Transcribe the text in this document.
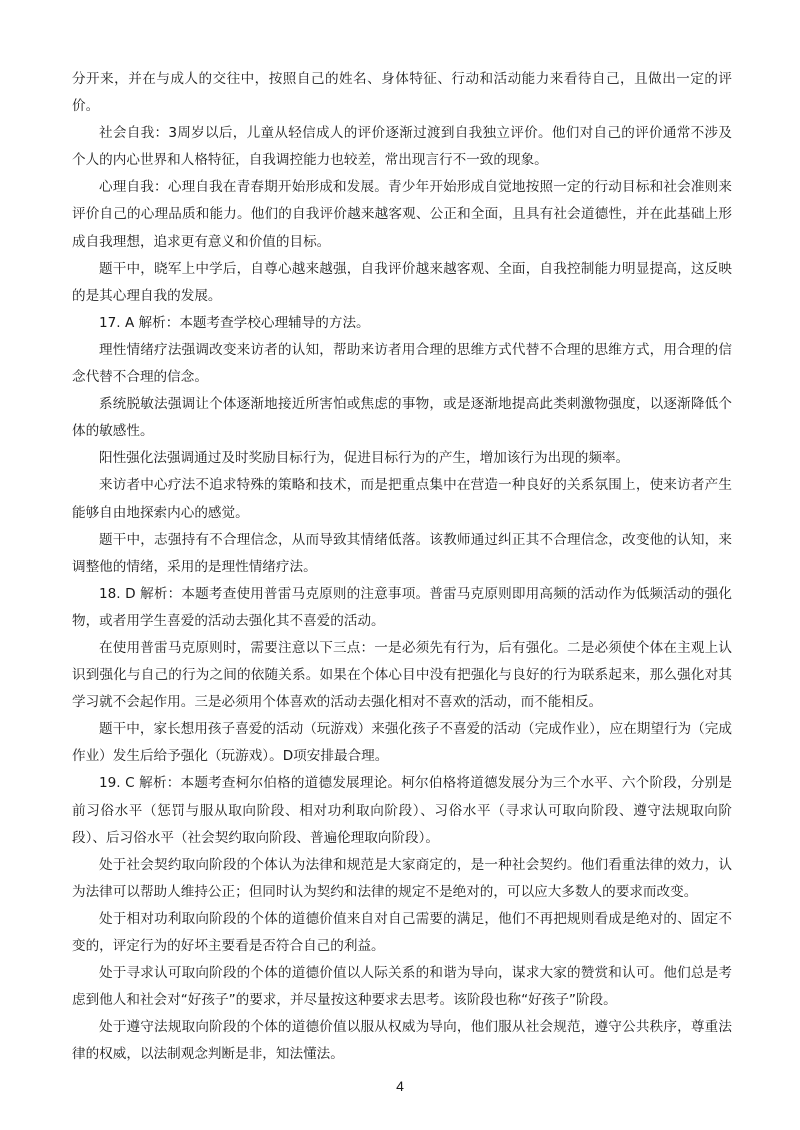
分开来，并在与成人的交往中，按照自己的姓名、身体特征、行动和活动能力来看待自己，且做出一定的评价。

社会自我：3周岁以后，儿童从轻信成人的评价逐渐过渡到自我独立评价。他们对自己的评价通常不涉及个人的内心世界和人格特征，自我调控能力也较差，常出现言行不一致的现象。

心理自我：心理自我在青春期开始形成和发展。青少年开始形成自觉地按照一定的行动目标和社会准则来评价自己的心理品质和能力。他们的自我评价越来越客观、公正和全面，且具有社会道德性，并在此基础上形成自我理想，追求更有意义和价值的目标。

题干中，晓军上中学后，自尊心越来越强，自我评价越来越客观、全面，自我控制能力明显提高，这反映的是其心理自我的发展。

17. A 解析：本题考查学校心理辅导的方法。

理性情绪疗法强调改变来访者的认知，帮助来访者用合理的思维方式代替不合理的思维方式，用合理的信念代替不合理的信念。

系统脱敏法强调让个体逐渐地接近所害怕或焦虑的事物，或是逐渐地提高此类刺激物强度，以逐渐降低个体的敏感性。

阳性强化法强调通过及时奖励目标行为，促进目标行为的产生，增加该行为出现的频率。

来访者中心疗法不追求特殊的策略和技术，而是把重点集中在营造一种良好的关系氛围上，使来访者产生能够自由地探索内心的感觉。

题干中，志强持有不合理信念，从而导致其情绪低落。该教师通过纠正其不合理信念，改变他的认知，来调整他的情绪，采用的是理性情绪疗法。

18. D 解析：本题考查使用普雷马克原则的注意事项。普雷马克原则即用高频的活动作为低频活动的强化物，或者用学生喜爱的活动去强化其不喜爱的活动。

在使用普雷马克原则时，需要注意以下三点：一是必须先有行为，后有强化。二是必须使个体在主观上认识到强化与自己的行为之间的依随关系。如果在个体心目中没有把强化与良好的行为联系起来，那么强化对其学习就不会起作用。三是必须用个体喜欢的活动去强化相对不喜欢的活动，而不能相反。

题干中，家长想用孩子喜爱的活动（玩游戏）来强化孩子不喜爱的活动（完成作业），应在期望行为（完成作业）发生后给予强化（玩游戏）。D项安排最合理。

19. C 解析：本题考查柯尔伯格的道德发展理论。柯尔伯格将道德发展分为三个水平、六个阶段，分别是前习俗水平（惩罚与服从取向阶段、相对功利取向阶段）、习俗水平（寻求认可取向阶段、遵守法规取向阶段）、后习俗水平（社会契约取向阶段、普遍伦理取向阶段）。

处于社会契约取向阶段的个体认为法律和规范是大家商定的，是一种社会契约。他们看重法律的效力，认为法律可以帮助人维持公正；但同时认为契约和法律的规定不是绝对的，可以应大多数人的要求而改变。

处于相对功利取向阶段的个体的道德价值来自对自己需要的满足，他们不再把规则看成是绝对的、固定不变的，评定行为的好坏主要看是否符合自己的利益。

处于寻求认可取向阶段的个体的道德价值以人际关系的和谐为导向，谋求大家的赞赏和认可。他们总是考虑到他人和社会对“好孩子”的要求，并尽量按这种要求去思考。该阶段也称“好孩子”阶段。

处于遵守法规取向阶段的个体的道德价值以服从权威为导向，他们服从社会规范，遵守公共秩序，尊重法律的权威，以法制观念判断是非，知法懂法。

4
